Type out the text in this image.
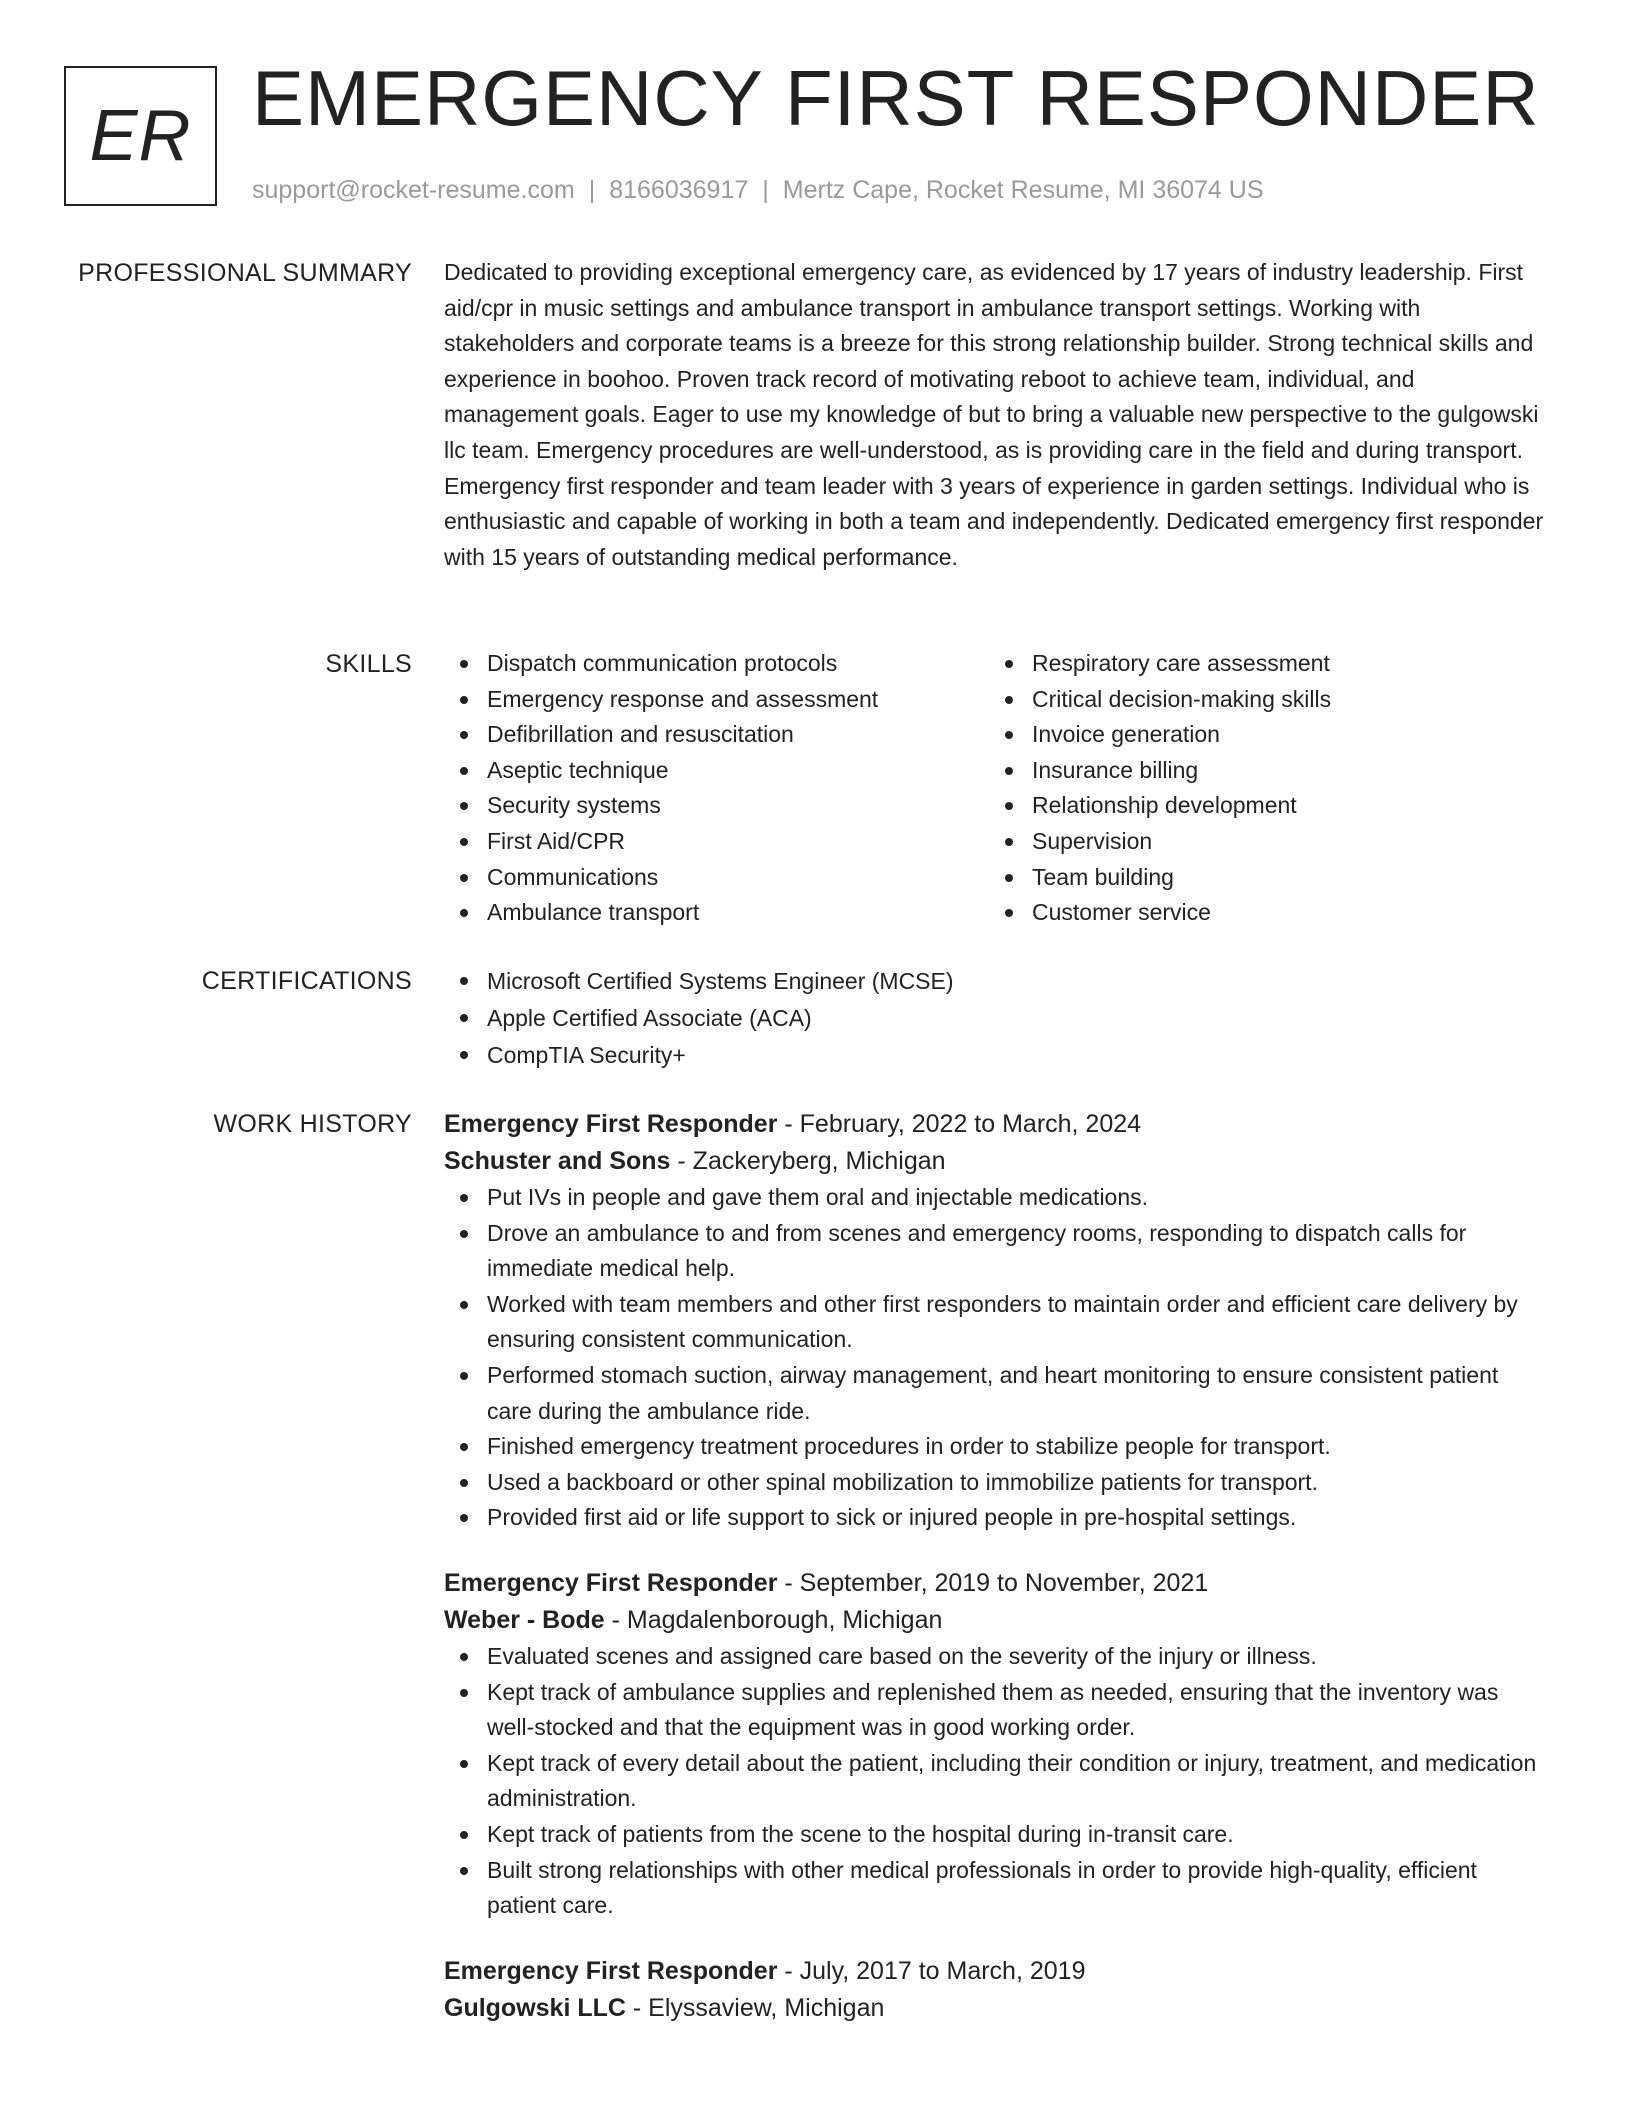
ER EMERGENCY FIRST RESPONDER
support@rocket-resume.com | 8166036917 | Mertz Cape, Rocket Resume, MI 36074 US
PROFESSIONAL SUMMARY Dedicated to providing exceptional emergency care, as evidenced by 17 years of industry leadership. First aid/cpr in music settings and ambulance transport in ambulance transport settings. Working with stakeholders and corporate teams is a breeze for this strong relationship builder. Strong technical skills and experience in boohoo. Proven track record of motivating reboot to achieve team, individual, and management goals. Eager to use my knowledge of but to bring a valuable new perspective to the gulgowski llc team. Emergency procedures are well-understood, as is providing care in the field and during transport. Emergency first responder and team leader with 3 years of experience in garden settings. Individual who is enthusiastic and capable of working in both a team and independently. Dedicated emergency first responder with 15 years of outstanding medical performance.

SKILLS	Dispatch communication protocols
Emergency response and assessment
Defibrillation and resuscitation
Aseptic technique
Security systems
First Aid/CPR
Communications
Ambulance transport
Respiratory care assessment
Critical decision-making skills
Invoice generation
Insurance billing
Relationship development
Supervision
Team building
Customer service
CERTIFICATIONS	Microsoft Certified Systems Engineer (MCSE)
Apple Certified Associate (ACA)
CompTIA Security+
WORK HISTORY Emergency First Responder - February, 2022 to March, 2024
Schuster and Sons - Zackeryberg, Michigan
Put IVs in people and gave them oral and injectable medications.
Drove an ambulance to and from scenes and emergency rooms, responding to dispatch calls for immediate medical help.
Worked with team members and other first responders to maintain order and efficient care delivery by ensuring consistent communication.
Performed stomach suction, airway management, and heart monitoring to ensure consistent patient care during the ambulance ride.
Finished emergency treatment procedures in order to stabilize people for transport.
Used a backboard or other spinal mobilization to immobilize patients for transport.
Provided first aid or life support to sick or injured people in pre-hospital settings.
Emergency First Responder - September, 2019 to November, 2021
Weber - Bode - Magdalenborough, Michigan
Evaluated scenes and assigned care based on the severity of the injury or illness.
Kept track of ambulance supplies and replenished them as needed, ensuring that the inventory was well-stocked and that the equipment was in good working order.
Kept track of every detail about the patient, including their condition or injury, treatment, and medication administration.
Kept track of patients from the scene to the hospital during in-transit care.
Built strong relationships with other medical professionals in order to provide high-quality, efficient patient care.
Emergency First Responder - July, 2017 to March, 2019
Gulgowski LLC - Elyssaview, Michigan
